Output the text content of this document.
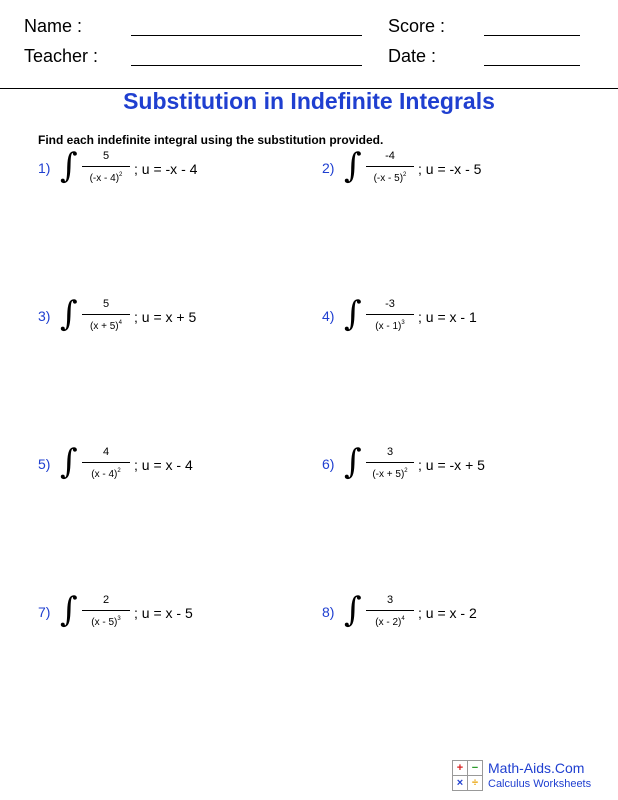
Name :	Score :
Teacher :	Date :
Substitution in Indefinite Integrals
Find each indefinite integral using the substitution provided.
1) ∫	5
(-x - 4)$^2$ ; u = -x - 4	2) ∫	-4
(-x - 5)$^2$ ; u = -x - 5
3) ∫	5
$(x + 5)^4$ ; u = x + 5	4) ∫	-3
(x - 1)$^3$ ; u = x - 1
5) ∫	4
(x - 4)$^2$ ; u = x - 4	6) ∫	3
$(-x + 5)^2$ ; u = -x + 5
7) ∫	2
(x - 5)$^3$ ; u = x - 5	8) ∫	3
(x - 2)$^4$ ; u = x - 2
+ −
× ÷
Math-Aids.Com
Calculus Worksheets
